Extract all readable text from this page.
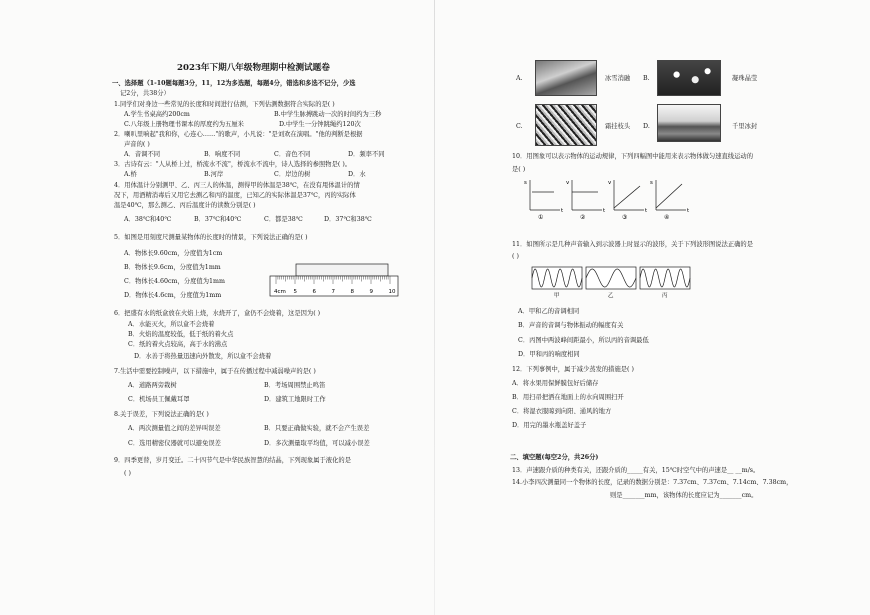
2023年下期八年级物理期中检测试题卷
一、选择题（1-10题每题3分，11，12为多选题，每题4分，错选和多选不记分，少选
记2分，共38分）
1.同学们对身边一些常见的长度和时间进行估测，下列估测数据符合实际的是( )
A.学生书桌高约200cm	B.中学生脉搏跳动一次的时间约为三秒
C.八年级上册物理书课本的厚度约为五厘米	D.中学生一分钟跳绳约120次
2．喇叭里响起"我和你，心连心……"的歌声，小凡说："是刘欢在演唱。"他的判断是根据
声音的( )
A．音调不同	B．响度不同	C．音色不同	D．频率不同
3．古诗有云："人从桥上过，桥流水不流"，桥流水不流中，诗人选择的参照物是( )。
A.桥	B.河岸	C．岸边的树	D．水
4．用体温计分别测甲、乙、丙三人的体温，测得甲的体温是38℃，在没有甩体温计的情
况下，用酒精消毒后又用它去测乙和丙的温度，已知乙的实际体温是37℃，丙的实际体
温是40℃，那么测乙、丙后温度计的读数分别是( )
A．38℃和40℃	B．37℃和40℃	C．都是38℃	D．37℃和38℃
5．如图是用刻度尺测量某物体的长度时的情景，下列说法正确的是( )
A．物体长9.60cm，分度值为1cm
B．物体长9.6cm，分度值为1mm
C．物体长4.60cm，分度值为1mm
D．物体长4.6cm，分度值为1mm	4cm 5	6	7	8	9	10
6．把盛有水的纸盒放在火焰上烧，水烧开了，盒仍不会烧着，这是因为( )
A．水能灭火，所以盒不会烧着
B．火焰的温度较低，低于纸的着火点
C．纸的着火点较高，高于水的沸点
D．水善于将热量迅速向外散发，所以盒不会烧着
7.生活中需要控制噪声，以下措施中，属于在传播过程中减弱噪声的是( )
A．道路两旁栽树	B．考场周围禁止鸣笛
C．机场员工佩戴耳罩	D．建筑工地限时工作
8.关于误差，下列说法正确的是( )
A．两次测量值之间的差异叫误差	B．只要正确做实验，就不会产生误差
C．选用精密仪器就可以避免误差	D．多次测量取平均值，可以减小误差
9．四季更替，岁月变迁。二十四节气是中华民族智慧的结晶，下列现象属于液化的是
( )
A.	冰雪消融 B.	凝珠晶莹
C.	霜挂枝头 D.	千里冰封
10．用图象可以表示物体的运动规律，下列四幅图中能用来表示物体做匀速直线运动的
是( )
s
t
①
v
t
②
v
t
③
s
t
④
11．如图所示是几种声音输入到示波器上时显示的波形，关于下列波形图说法正确的是
( )
甲	乙	丙
A．甲和乙的音调相同
B．声音的音调与物体振动的幅度有关
C．丙图中两波峰间距最小，所以丙的音调最低
D．甲和丙的响度相同
12．下列事例中，属于减少蒸发的措施是( )
A．将水果用保鲜膜包好后储存
B．用扫帚把洒在地面上的水向周围扫开
C．将湿衣服晾到向阳、通风的地方
D．用完的墨水瓶盖好盖子
二、填空题(每空2分，共26分)
13．声速跟介质的种类有关，还跟介质的_____有关，15℃时空气中的声速是__ __m/s。
14.小李四次测量同一个物体的长度，记录的数据分别是：7.37cm、7.37cm、7.14cm、7.38cm，
则是_______mm，该物体的长度应记为_______cm。
